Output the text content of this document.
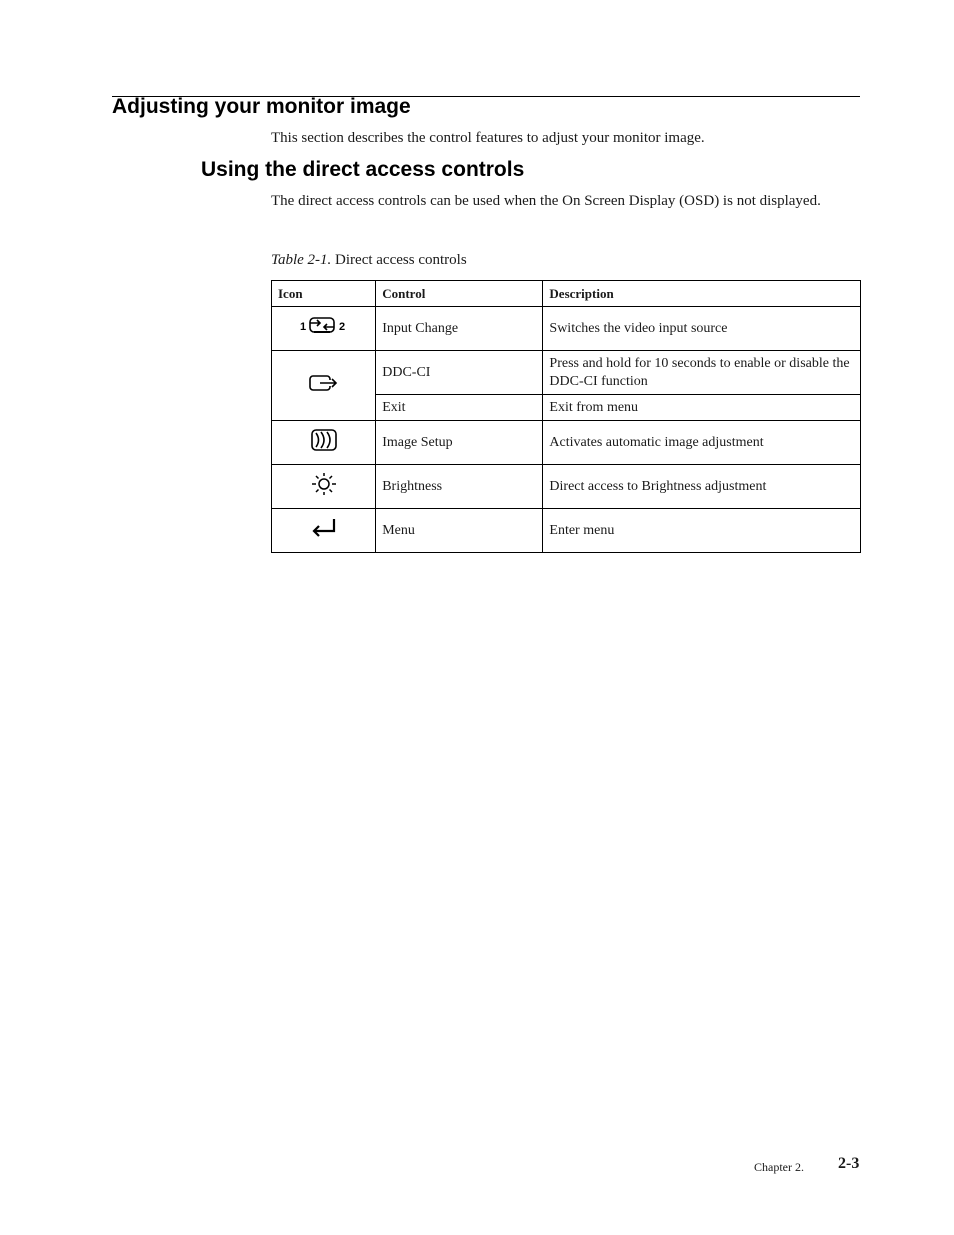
Adjusting your monitor image

This section describes the control features to adjust your monitor image.

Using the direct access controls

The direct access controls can be used when the On Screen Display (OSD) is not displayed.

Table 2-1. Direct access controls

Icon	Control	Description

1 2	Input Change	Switches the video input source
	DDC-CI	Press and hold for 10 seconds to enable or disable the DDC-CI function
	Exit	Exit from menu
	Image Setup	Activates automatic image adjustment
	Brightness	Direct access to Brightness adjustment
	Menu	Enter menu
Chapter 2. 2-3
